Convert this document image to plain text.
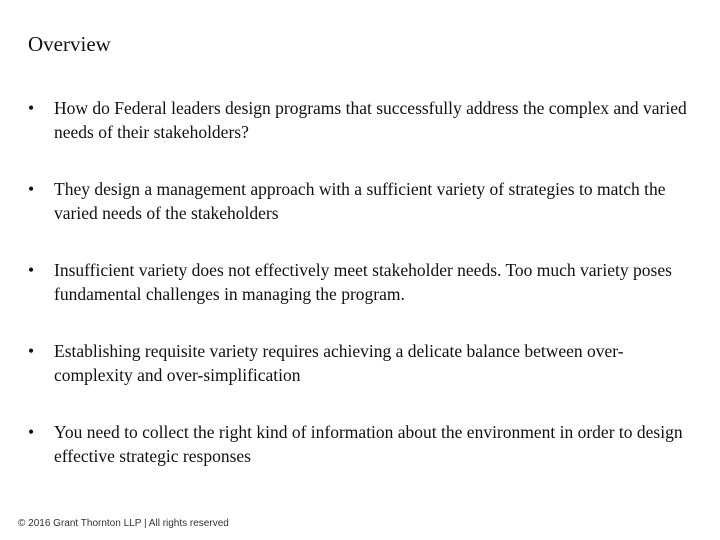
Overview
•	How do Federal leaders design programs that successfully address the complex and varied needs of their stakeholders?
•	They design a management approach with a sufficient variety of strategies to match the varied needs of the stakeholders
•	Insufficient variety does not effectively meet stakeholder needs. Too much variety poses fundamental challenges in managing the program.
•	Establishing requisite variety requires achieving a delicate balance between over-complexity and over-simplification
•	You need to collect the right kind of information about the environment in order to design effective strategic responses
© 2016 Grant Thornton LLP | All rights reserved
